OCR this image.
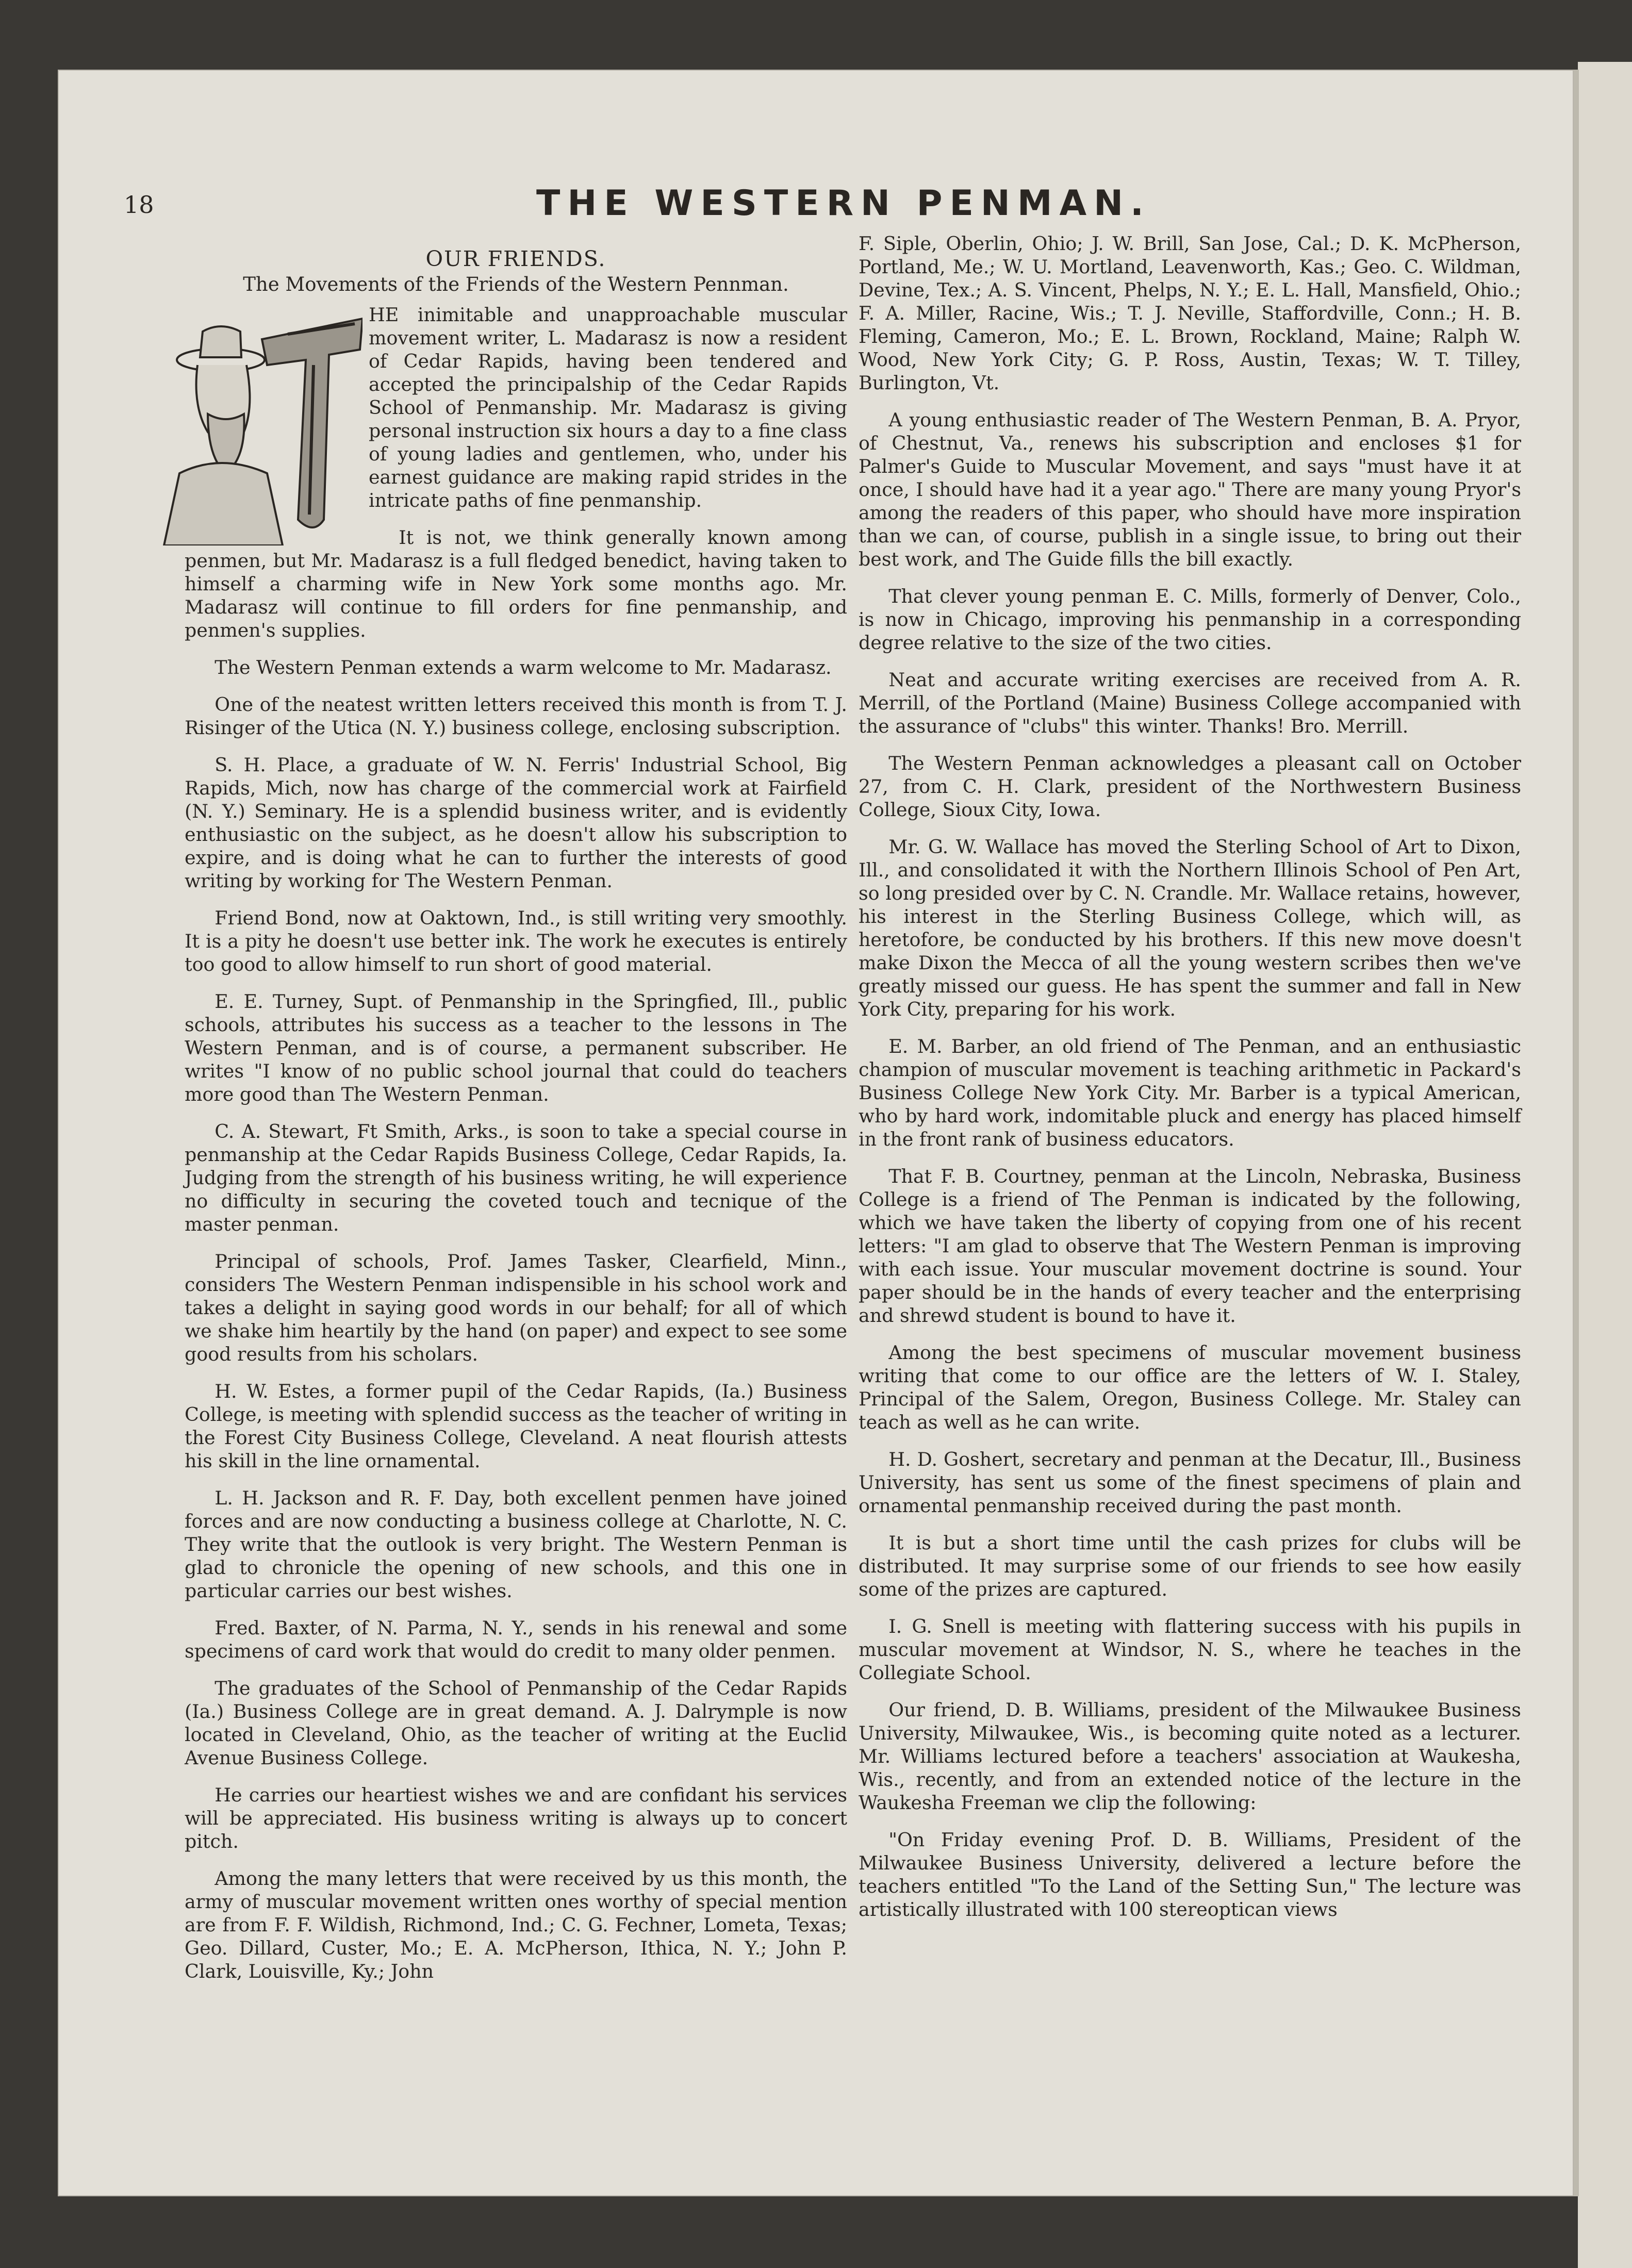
18	THE WESTERN PENMAN.
OUR FRIENDS.
The Movements of the Friends of the Western Pennman.

HE inimitable and unapproachable muscular movement writer, L. Madarasz is now a resident of Cedar Rapids, having been tendered and accepted the principalship of the Cedar Rapids School of Penmanship. Mr. Madarasz is giving personal instruction six hours a day to a fine class of young ladies and gentlemen, who, under his earnest guidance are making rapid strides in the intricate paths of fine penmanship.

It is not, we think generally known among penmen, but Mr. Madarasz is a full fledged benedict, having taken to himself a charming wife in New York some months ago. Mr. Madarasz will continue to fill orders for fine penmanship, and penmen's supplies.

The Western Penman extends a warm welcome to Mr. Madarasz.

One of the neatest written letters received this month is from T. J. Risinger of the Utica (N. Y.) business college, enclosing subscription.

S. H. Place, a graduate of W. N. Ferris' Industrial School, Big Rapids, Mich, now has charge of the commercial work at Fairfield (N. Y.) Seminary. He is a splendid business writer, and is evidently enthusiastic on the subject, as he doesn't allow his subscription to expire, and is doing what he can to further the interests of good writing by working for The Western Penman.

Friend Bond, now at Oaktown, Ind., is still writing very smoothly. It is a pity he doesn't use better ink. The work he executes is entirely too good to allow himself to run short of good material.

E. E. Turney, Supt. of Penmanship in the Springfied, Ill., public schools, attributes his success as a teacher to the lessons in The Western Penman, and is of course, a permanent subscriber. He writes "I know of no public school journal that could do teachers more good than The Western Penman.

C. A. Stewart, Ft Smith, Arks., is soon to take a special course in penmanship at the Cedar Rapids Business College, Cedar Rapids, Ia. Judging from the strength of his business writing, he will experience no difficulty in securing the coveted touch and tecnique of the master penman.

Principal of schools, Prof. James Tasker, Clearfield, Minn., considers The Western Penman indispensible in his school work and takes a delight in saying good words in our behalf; for all of which we shake him heartily by the hand (on paper) and expect to see some good results from his scholars.

H. W. Estes, a former pupil of the Cedar Rapids, (Ia.) Business College, is meeting with splendid success as the teacher of writing in the Forest City Business College, Cleveland. A neat flourish attests his skill in the line ornamental.

L. H. Jackson and R. F. Day, both excellent penmen have joined forces and are now conducting a business college at Charlotte, N. C. They write that the outlook is very bright. The Western Penman is glad to chronicle the opening of new schools, and this one in particular carries our best wishes.

Fred. Baxter, of N. Parma, N. Y., sends in his renewal and some specimens of card work that would do credit to many older penmen.

The graduates of the School of Penmanship of the Cedar Rapids (Ia.) Business College are in great demand. A. J. Dalrymple is now located in Cleveland, Ohio, as the teacher of writing at the Euclid Avenue Business College.

He carries our heartiest wishes we and are confidant his services will be appreciated. His business writing is always up to concert pitch.

Among the many letters that were received by us this month, the army of muscular movement written ones worthy of special mention are from F. F. Wildish, Richmond, Ind.; C. G. Fechner, Lometa, Texas; Geo. Dillard, Custer, Mo.; E. A. McPherson, Ithica, N. Y.; John P. Clark, Louisville, Ky.; John

F. Siple, Oberlin, Ohio; J. W. Brill, San Jose, Cal.; D. K. McPherson, Portland, Me.; W. U. Mortland, Leavenworth, Kas.; Geo. C. Wildman, Devine, Tex.; A. S. Vincent, Phelps, N. Y.; E. L. Hall, Mansfield, Ohio.; F. A. Miller, Racine, Wis.; T. J. Neville, Staffordville, Conn.; H. B. Fleming, Cameron, Mo.; E. L. Brown, Rockland, Maine; Ralph W. Wood, New York City; G. P. Ross, Austin, Texas; W. T. Tilley, Burlington, Vt.

A young enthusiastic reader of The Western Penman, B. A. Pryor, of Chestnut, Va., renews his subscription and encloses $1 for Palmer's Guide to Muscular Movement, and says "must have it at once, I should have had it a year ago." There are many young Pryor's among the readers of this paper, who should have more inspiration than we can, of course, publish in a single issue, to bring out their best work, and The Guide fills the bill exactly.

That clever young penman E. C. Mills, formerly of Denver, Colo., is now in Chicago, improving his penmanship in a corresponding degree relative to the size of the two cities.

Neat and accurate writing exercises are received from A. R. Merrill, of the Portland (Maine) Business College accompanied with the assurance of "clubs" this winter. Thanks! Bro. Merrill.

The Western Penman acknowledges a pleasant call on October 27, from C. H. Clark, president of the Northwestern Business College, Sioux City, Iowa.

Mr. G. W. Wallace has moved the Sterling School of Art to Dixon, Ill., and consolidated it with the Northern Illinois School of Pen Art, so long presided over by C. N. Crandle. Mr. Wallace retains, however, his interest in the Sterling Business College, which will, as heretofore, be conducted by his brothers. If this new move doesn't make Dixon the Mecca of all the young western scribes then we've greatly missed our guess. He has spent the summer and fall in New York City, preparing for his work.

E. M. Barber, an old friend of The Penman, and an enthusiastic champion of muscular movement is teaching arithmetic in Packard's Business College New York City. Mr. Barber is a typical American, who by hard work, indomitable pluck and energy has placed himself in the front rank of business educators.

That F. B. Courtney, penman at the Lincoln, Nebraska, Business College is a friend of The Penman is indicated by the following, which we have taken the liberty of copying from one of his recent letters: "I am glad to observe that The Western Penman is improving with each issue. Your muscular movement doctrine is sound. Your paper should be in the hands of every teacher and the enterprising and shrewd student is bound to have it.

Among the best specimens of muscular movement business writing that come to our office are the letters of W. I. Staley, Principal of the Salem, Oregon, Business College. Mr. Staley can teach as well as he can write.

H. D. Goshert, secretary and penman at the Decatur, Ill., Business University, has sent us some of the finest specimens of plain and ornamental penmanship received during the past month.

It is but a short time until the cash prizes for clubs will be distributed. It may surprise some of our friends to see how easily some of the prizes are captured.

I. G. Snell is meeting with flattering success with his pupils in muscular movement at Windsor, N. S., where he teaches in the Collegiate School.

Our friend, D. B. Williams, president of the Milwaukee Business University, Milwaukee, Wis., is becoming quite noted as a lecturer. Mr. Williams lectured before a teachers' association at Waukesha, Wis., recently, and from an extended notice of the lecture in the Waukesha Freeman we clip the following:

"On Friday evening Prof. D. B. Williams, President of the Milwaukee Business University, delivered a lecture before the teachers entitled "To the Land of the Setting Sun," The lecture was artistically illustrated with 100 stereoptican views
